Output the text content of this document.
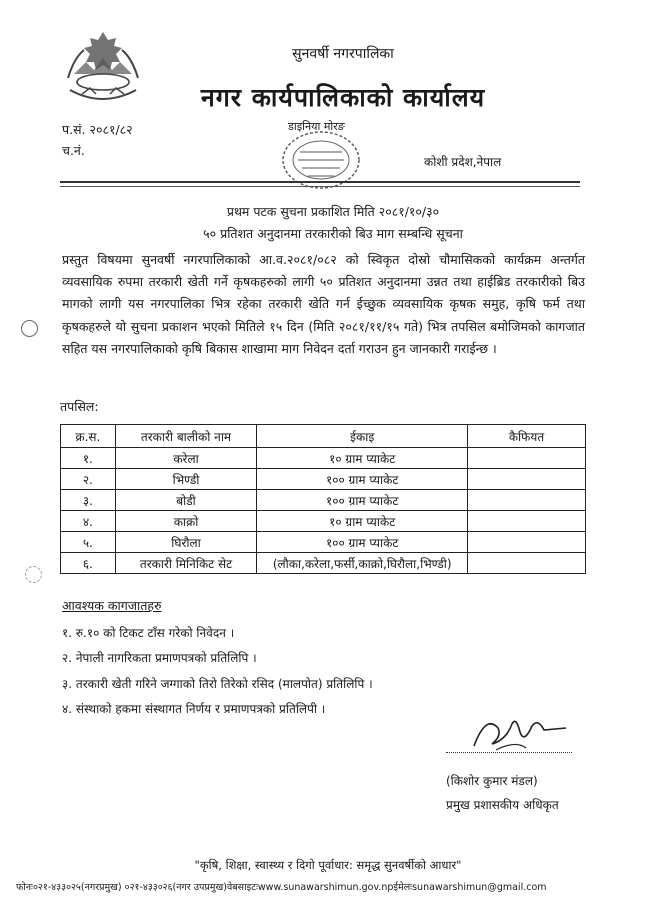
सुनवर्षी नगरपालिका
नगर कार्यपालिकाको कार्यालय
प.सं. २०८१/८२
च.नं.
डाइनिया मोरङ
कोशी प्रदेश,नेपाल
प्रथम पटक सुचना प्रकाशित मिति २०८१/१०/३०
५० प्रतिशत अनुदानमा तरकारीको बिउ माग सम्बन्धि सूचना
प्रस्तुत विषयमा सुनवर्षी नगरपालिकाको आ.व.२०८१/०८२ को स्विकृत दोस्रो चौमासिकको कार्यक्रम अन्तर्गत व्यवसायिक रुपमा तरकारी खेती गर्ने कृषकहरुको लागी ५० प्रतिशत अनुदानमा उन्नत तथा हाईब्रिड तरकारीको बिउ मागको लागी यस नगरपालिका भित्र रहेका तरकारी खेति गर्न ईच्छुक व्यवसायिक कृषक समुह, कृषि फर्म तथा कृषकहरुले यो सुचना प्रकाशन भएको मितिले १५ दिन (मिति २०८१/११/१५ गते) भित्र तपसिल बमोजिमको कागजात सहित यस नगरपालिकाको कृषि बिकास शाखामा माग निवेदन दर्ता गराउन हुन जानकारी गराईन्छ ।
तपसिल:
क्र.स.	तरकारी बालीको नाम	ईकाइ	कैफियत
१.	करेला	१० ग्राम प्याकेट	
२.	भिण्डी	१०० ग्राम प्याकेट	
३.	बोडी	१०० ग्राम प्याकेट	
४.	काक्रो	१० ग्राम प्याकेट	
५.	घिरौला	१०० ग्राम प्याकेट	
६.	तरकारी मिनिकिट सेट	(लौका,करेला,फर्सी,काक्रो,घिरौला,भिण्डी)	
आवश्यक कागजातहरु
१. रु.१० को टिकट टाँस गरेको निवेदन ।
२. नेपाली नागरिकता प्रमाणपत्रको प्रतिलिपि ।
३. तरकारी खेती गरिने जग्गाको तिरो तिरेको रसिद (मालपोत) प्रतिलिपि ।
४. संस्थाको हकमा संस्थागत निर्णय र प्रमाणपत्रको प्रतिलिपी ।
(किशोर कुमार मंडल)
प्रमुख प्रशासकीय अधिकृत
"कृषि, शिक्षा, स्वास्थ्य र दिगो पूर्वाधार: समृद्ध सुनवर्षीको आधार"
फोनः०२१-४३३०२५(नगरप्रमुख) ०२१-४३३०२६(नगर उपप्रमुख)वेबसाइटःwww.sunawarshimun.gov.npईमेलःsunawarshimun@gmail.com
